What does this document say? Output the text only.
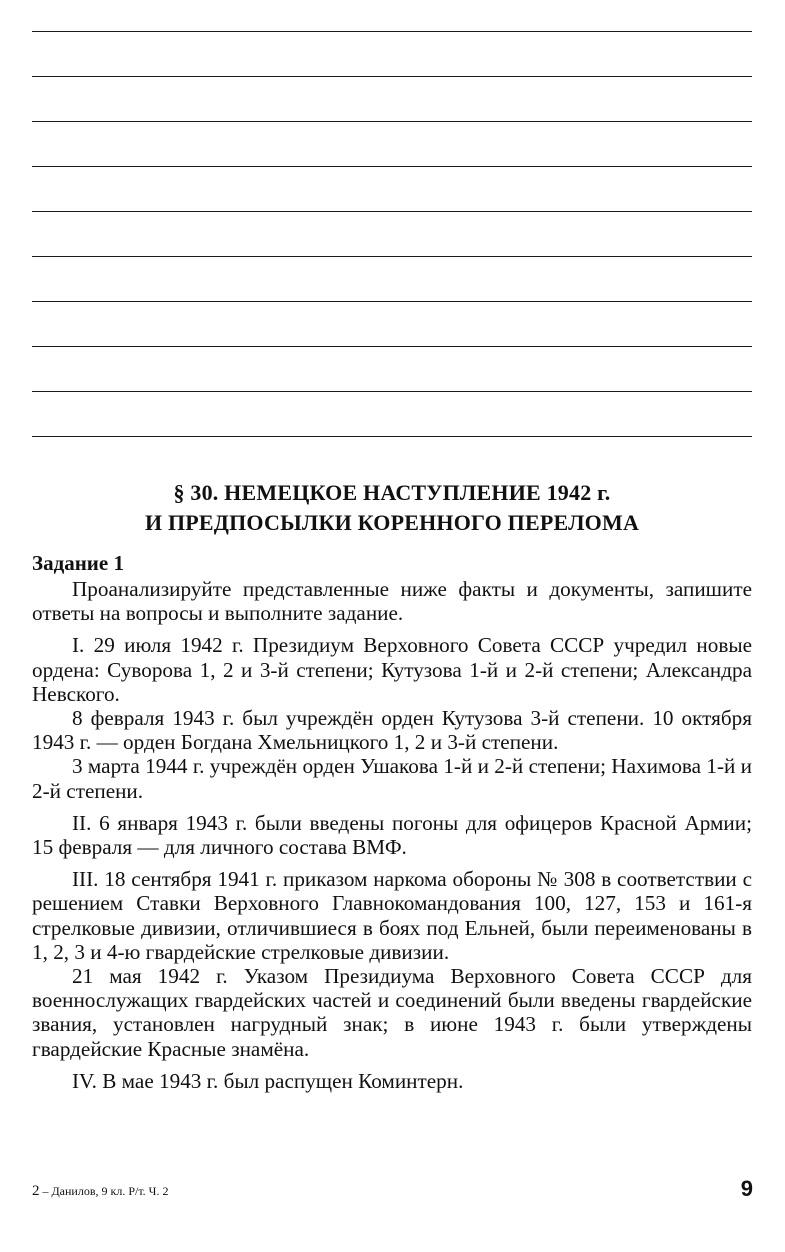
§ 30. НЕМЕЦКОЕ НАСТУПЛЕНИЕ 1942 г.
И ПРЕДПОСЫЛКИ КОРЕННОГО ПЕРЕЛОМА
Задание 1

Проанализируйте представленные ниже факты и документы, запишите ответы на вопросы и выполните задание.

I. 29 июля 1942 г. Президиум Верховного Совета СССР учредил новые ордена: Суворова 1, 2 и 3-й степени; Кутузова 1-й и 2-й степени; Александра Невского.

8 февраля 1943 г. был учреждён орден Кутузова 3-й степени. 10 октября 1943 г. — орден Богдана Хмельницкого 1, 2 и 3-й степени.

3 марта 1944 г. учреждён орден Ушакова 1-й и 2-й степени; Нахимова 1-й и 2-й степени.

II. 6 января 1943 г. были введены погоны для офицеров Красной Армии; 15 февраля — для личного состава ВМФ.

III. 18 сентября 1941 г. приказом наркома обороны № 308 в соответствии с решением Ставки Верховного Главнокомандования 100, 127, 153 и 161-я стрелковые дивизии, отличившиеся в боях под Ельней, были переименованы в 1, 2, 3 и 4-ю гвардейские стрелковые дивизии.

21 мая 1942 г. Указом Президиума Верховного Совета СССР для военнослужащих гвардейских частей и соединений были введены гвардейские звания, установлен нагрудный знак; в июне 1943 г. были утверждены гвардейские Красные знамёна.

IV. В мае 1943 г. был распущен Коминтерн.

2 – Данилов, 9 кл. Р/т. Ч. 2	9
